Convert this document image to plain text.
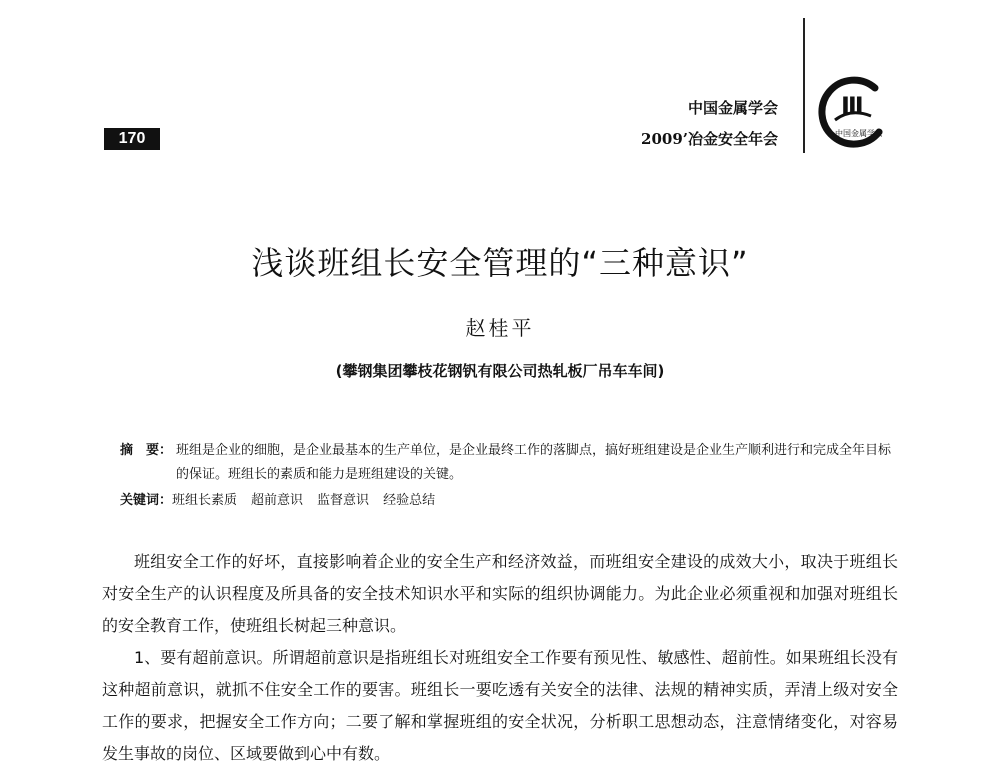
170
中国金属学会
2009’冶金安全年会
Ⅲ
中国金属学会
浅谈班组长安全管理的“三种意识”
赵桂平
(攀钢集团攀枝花钢钒有限公司热轧板厂吊车车间)
摘　要： 班组是企业的细胞，是企业最基本的生产单位，是企业最终工作的落脚点，搞好班组建设是企业生产顺利进行和完成全年目标的保证。班组长的素质和能力是班组建设的关键。
关键词： 班组长素质 超前意识 监督意识 经验总结

班组安全工作的好坏，直接影响着企业的安全生产和经济效益，而班组安全建设的成效大小，取决于班组长对安全生产的认识程度及所具备的安全技术知识水平和实际的组织协调能力。为此企业必须重视和加强对班组长的安全教育工作，使班组长树起三种意识。

1、要有超前意识。所谓超前意识是指班组长对班组安全工作要有预见性、敏感性、超前性。如果班组长没有这种超前意识，就抓不住安全工作的要害。班组长一要吃透有关安全的法律、法规的精神实质，弄清上级对安全工作的要求，把握安全工作方向；二要了解和掌握班组的安全状况，分析职工思想动态，注意情绪变化，对容易发生事故的岗位、区域要做到心中有数。
